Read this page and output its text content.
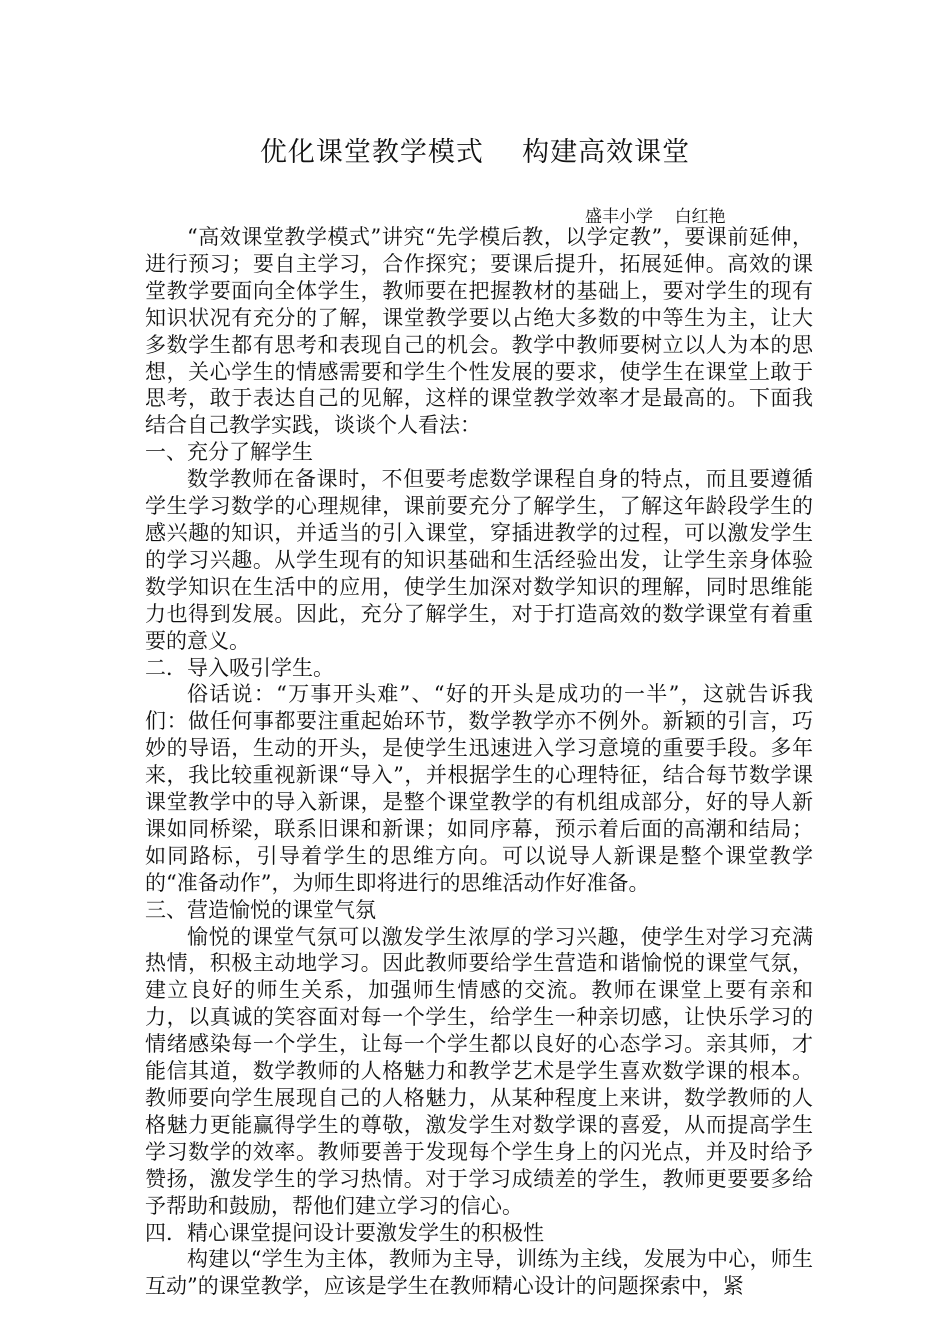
优化课堂教学模式    构建高效课堂
盛丰小学    白红艳

“高效课堂教学模式”讲究“先学模后教，以学定教”，要课前延伸，进行预习；要自主学习，合作探究；要课后提升，拓展延伸。高效的课堂教学要面向全体学生，教师要在把握教材的基础上，要对学生的现有知识状况有充分的了解，课堂教学要以占绝大多数的中等生为主，让大多数学生都有思考和表现自己的机会。教学中教师要树立以人为本的思想，关心学生的情感需要和学生个性发展的要求，使学生在课堂上敢于思考，敢于表达自己的见解，这样的课堂教学效率才是最高的。下面我结合自己教学实践，谈谈个人看法：

一、充分了解学生

数学教师在备课时，不但要考虑数学课程自身的特点，而且要遵循学生学习数学的心理规律，课前要充分了解学生，了解这年龄段学生的感兴趣的知识，并适当的引入课堂，穿插进教学的过程，可以激发学生的学习兴趣。从学生现有的知识基础和生活经验出发，让学生亲身体验数学知识在生活中的应用，使学生加深对数学知识的理解，同时思维能力也得到发展。因此，充分了解学生，对于打造高效的数学课堂有着重要的意义。

二．导入吸引学生。

俗话说：“万事开头难”、“好的开头是成功的一半”，这就告诉我们：做任何事都要注重起始环节，数学教学亦不例外。新颖的引言，巧妙的导语，生动的开头，是使学生迅速进入学习意境的重要手段。多年来，我比较重视新课“导入”，并根据学生的心理特征，结合每节数学课课堂教学中的导入新课，是整个课堂教学的有机组成部分，好的导人新课如同桥梁，联系旧课和新课；如同序幕，预示着后面的高潮和结局；如同路标，引导着学生的思维方向。可以说导人新课是整个课堂教学的“准备动作”，为师生即将进行的思维活动作好准备。

三、营造愉悦的课堂气氛

愉悦的课堂气氛可以激发学生浓厚的学习兴趣，使学生对学习充满热情，积极主动地学习。因此教师要给学生营造和谐愉悦的课堂气氛，建立良好的师生关系，加强师生情感的交流。教师在课堂上要有亲和力，以真诚的笑容面对每一个学生，给学生一种亲切感，让快乐学习的情绪感染每一个学生，让每一个学生都以良好的心态学习。亲其师，才能信其道，数学教师的人格魅力和教学艺术是学生喜欢数学课的根本。教师要向学生展现自己的人格魅力，从某种程度上来讲，数学教师的人格魅力更能赢得学生的尊敬，激发学生对数学课的喜爱，从而提高学生学习数学的效率。教师要善于发现每个学生身上的闪光点，并及时给予赞扬，激发学生的学习热情。对于学习成绩差的学生，教师更要要多给予帮助和鼓励，帮他们建立学习的信心。

四．精心课堂提问设计要激发学生的积极性

构建以“学生为主体，教师为主导，训练为主线，发展为中心，师生互动”的课堂教学，应该是学生在教师精心设计的问题探索中，紧
